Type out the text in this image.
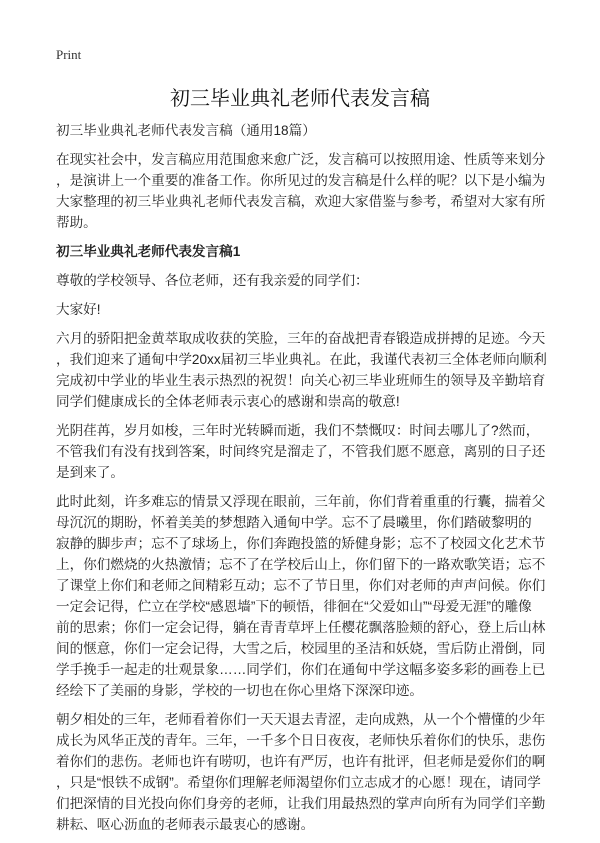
Print
初三毕业典礼老师代表发言稿
初三毕业典礼老师代表发言稿（通用18篇）
在现实社会中，发言稿应用范围愈来愈广泛，发言稿可以按照用途、性质等来划分
，是演讲上一个重要的准备工作。你所见过的发言稿是什么样的呢？以下是小编为
大家整理的初三毕业典礼老师代表发言稿，欢迎大家借鉴与参考，希望对大家有所
帮助。
初三毕业典礼老师代表发言稿1
尊敬的学校领导、各位老师，还有我亲爱的同学们：
大家好!
六月的骄阳把金黄萃取成收获的笑脸，三年的奋战把青春锻造成拼搏的足迹。今天
，我们迎来了通甸中学20xx届初三毕业典礼。在此，我谨代表初三全体老师向顺利
完成初中学业的毕业生表示热烈的祝贺！向关心初三毕业班师生的领导及辛勤培育
同学们健康成长的全体老师表示衷心的感谢和崇高的敬意!
光阴荏苒，岁月如梭，三年时光转瞬而逝，我们不禁慨叹：时间去哪儿了?然而，
不管我们有没有找到答案，时间终究是溜走了，不管我们愿不愿意，离别的日子还
是到来了。
此时此刻，许多难忘的情景又浮现在眼前，三年前，你们背着重重的行囊，揣着父
母沉沉的期盼，怀着美美的梦想踏入通甸中学。忘不了晨曦里，你们踏破黎明的
寂静的脚步声；忘不了球场上，你们奔跑投篮的矫健身影；忘不了校园文化艺术节
上，你们燃烧的火热激情；忘不了在学校后山上，你们留下的一路欢歌笑语；忘不
了课堂上你们和老师之间精彩互动；忘不了节日里，你们对老师的声声问候。你们
一定会记得，伫立在学校“感恩墙”下的顿悟，徘徊在“父爱如山”“母爱无涯”的雕像
前的思索；你们一定会记得，躺在青青草坪上任樱花飘落脸颊的舒心，登上后山林
间的惬意，你们一定会记得，大雪之后，校园里的圣洁和妖娆，雪后防止滑倒，同
学手挽手一起走的壮观景象……同学们，你们在通甸中学这幅多姿多彩的画卷上已
经绘下了美丽的身影，学校的一切也在你心里烙下深深印迹。
朝夕相处的三年，老师看着你们一天天退去青涩，走向成熟，从一个个懵懂的少年
成长为风华正茂的青年。三年，一千多个日日夜夜，老师快乐着你们的快乐，悲伤
着你们的悲伤。老师也许有唠叨，也许有严厉，也许有批评，但老师是爱你们的啊
，只是“恨铁不成钢”。希望你们理解老师渴望你们立志成才的心愿！现在，请同学
们把深情的目光投向你们身旁的老师，让我们用最热烈的掌声向所有为同学们辛勤
耕耘、呕心沥血的老师表示最衷心的感谢。
